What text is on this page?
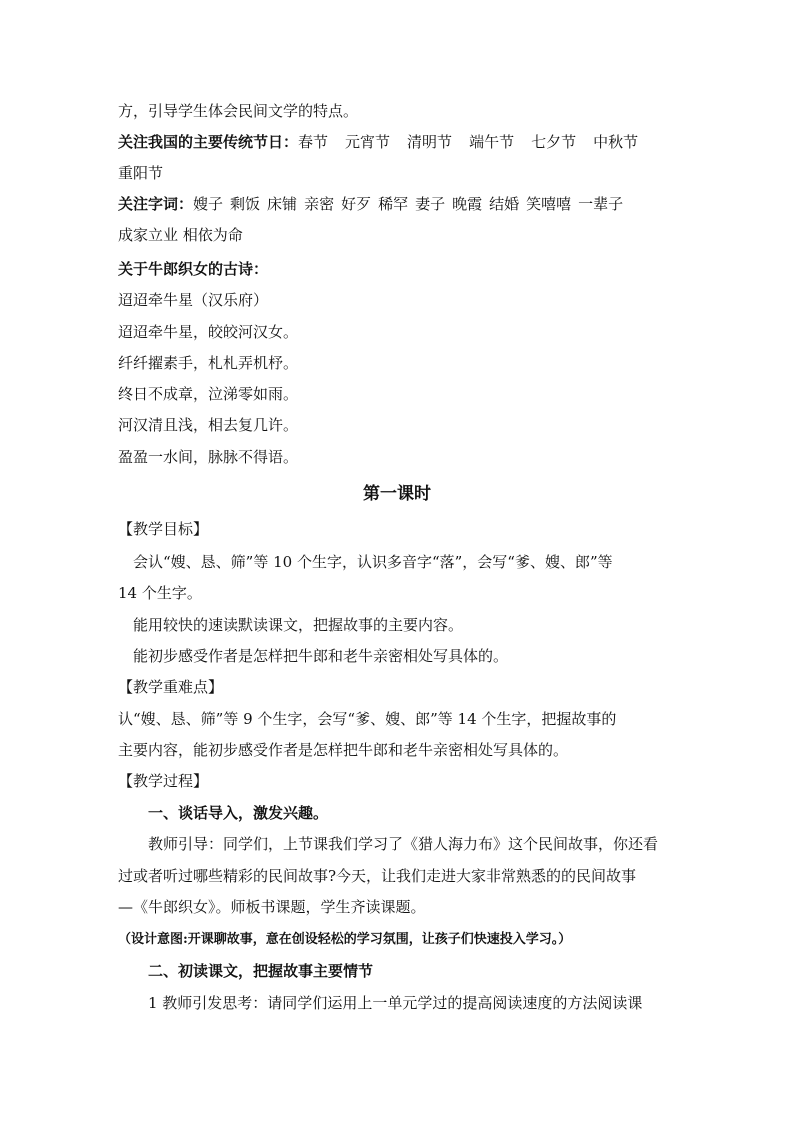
方，引导学生体会民间文学的特点。
关注我国的主要传统节日：春节 元宵节 清明节 端午节 七夕节 中秋节
重阳节
关注字词：嫂子 剩饭 床铺 亲密 好歹 稀罕 妻子 晚霞 结婚 笑嘻嘻 一辈子
成家立业 相依为命
关于牛郎织女的古诗：
迢迢牵牛星（汉乐府）
迢迢牵牛星，皎皎河汉女。
纤纤擢素手，札札弄机杼。
终日不成章，泣涕零如雨。
河汉清且浅，相去复几许。
盈盈一水间，脉脉不得语。
第一课时
【教学目标】
会认“嫂、恳、筛”等 10 个生字，认识多音字“落”，会写“爹、嫂、郎”等
14 个生字。
能用较快的速读默读课文，把握故事的主要内容。
能初步感受作者是怎样把牛郎和老牛亲密相处写具体的。
【教学重难点】
认“嫂、恳、筛”等 9 个生字，会写“爹、嫂、郎”等 14 个生字，把握故事的
主要内容，能初步感受作者是怎样把牛郎和老牛亲密相处写具体的。
【教学过程】
一、谈话导入，激发兴趣。
教师引导：同学们，上节课我们学习了《猎人海力布》这个民间故事，你还看
过或者听过哪些精彩的民间故事?今天，让我们走进大家非常熟悉的的民间故事
—《牛郎织女》。师板书课题，学生齐读课题。
（设计意图:开课聊故事，意在创设轻松的学习氛围，让孩子们快速投入学习。）
二、初读课文，把握故事主要情节
1 教师引发思考：请同学们运用上一单元学过的提高阅读速度的方法阅读课
